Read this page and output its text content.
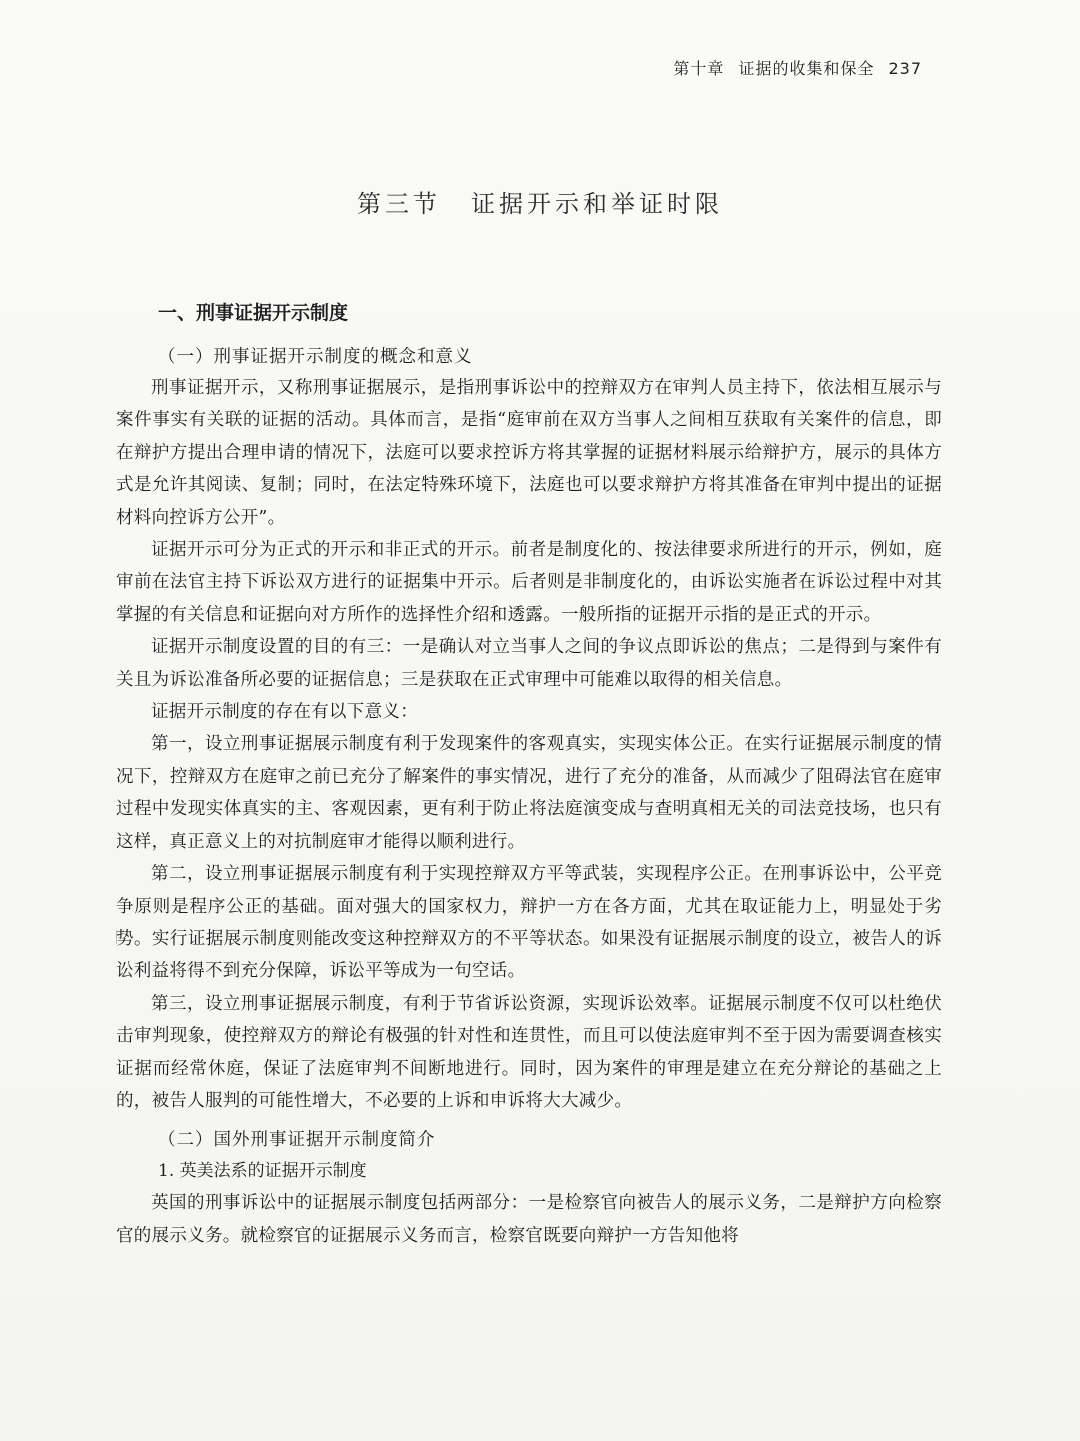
第十章 证据的收集和保全 237
第三节 证据开示和举证时限
一、刑事证据开示制度
（一）刑事证据开示制度的概念和意义

刑事证据开示，又称刑事证据展示，是指刑事诉讼中的控辩双方在审判人员主持下，依法相互展示与案件事实有关联的证据的活动。具体而言，是指“庭审前在双方当事人之间相互获取有关案件的信息，即在辩护方提出合理申请的情况下，法庭可以要求控诉方将其掌握的证据材料展示给辩护方，展示的具体方式是允许其阅读、复制；同时，在法定特殊环境下，法庭也可以要求辩护方将其准备在审判中提出的证据材料向控诉方公开”。

证据开示可分为正式的开示和非正式的开示。前者是制度化的、按法律要求所进行的开示，例如，庭审前在法官主持下诉讼双方进行的证据集中开示。后者则是非制度化的，由诉讼实施者在诉讼过程中对其掌握的有关信息和证据向对方所作的选择性介绍和透露。一般所指的证据开示指的是正式的开示。

证据开示制度设置的目的有三：一是确认对立当事人之间的争议点即诉讼的焦点；二是得到与案件有关且为诉讼准备所必要的证据信息；三是获取在正式审理中可能难以取得的相关信息。

证据开示制度的存在有以下意义：

第一，设立刑事证据展示制度有利于发现案件的客观真实，实现实体公正。在实行证据展示制度的情况下，控辩双方在庭审之前已充分了解案件的事实情况，进行了充分的准备，从而减少了阻碍法官在庭审过程中发现实体真实的主、客观因素，更有利于防止将法庭演变成与查明真相无关的司法竞技场，也只有这样，真正意义上的对抗制庭审才能得以顺利进行。

第二，设立刑事证据展示制度有利于实现控辩双方平等武装，实现程序公正。在刑事诉讼中，公平竞争原则是程序公正的基础。面对强大的国家权力，辩护一方在各方面，尤其在取证能力上，明显处于劣势。实行证据展示制度则能改变这种控辩双方的不平等状态。如果没有证据展示制度的设立，被告人的诉讼利益将得不到充分保障，诉讼平等成为一句空话。

第三，设立刑事证据展示制度，有利于节省诉讼资源，实现诉讼效率。证据展示制度不仅可以杜绝伏击审判现象，使控辩双方的辩论有极强的针对性和连贯性，而且可以使法庭审判不至于因为需要调查核实证据而经常休庭，保证了法庭审判不间断地进行。同时，因为案件的审理是建立在充分辩论的基础之上的，被告人服判的可能性增大，不必要的上诉和申诉将大大减少。

（二）国外刑事证据开示制度简介
1. 英美法系的证据开示制度

英国的刑事诉讼中的证据展示制度包括两部分：一是检察官向被告人的展示义务，二是辩护方向检察官的展示义务。就检察官的证据展示义务而言，检察官既要向辩护一方告知他将
